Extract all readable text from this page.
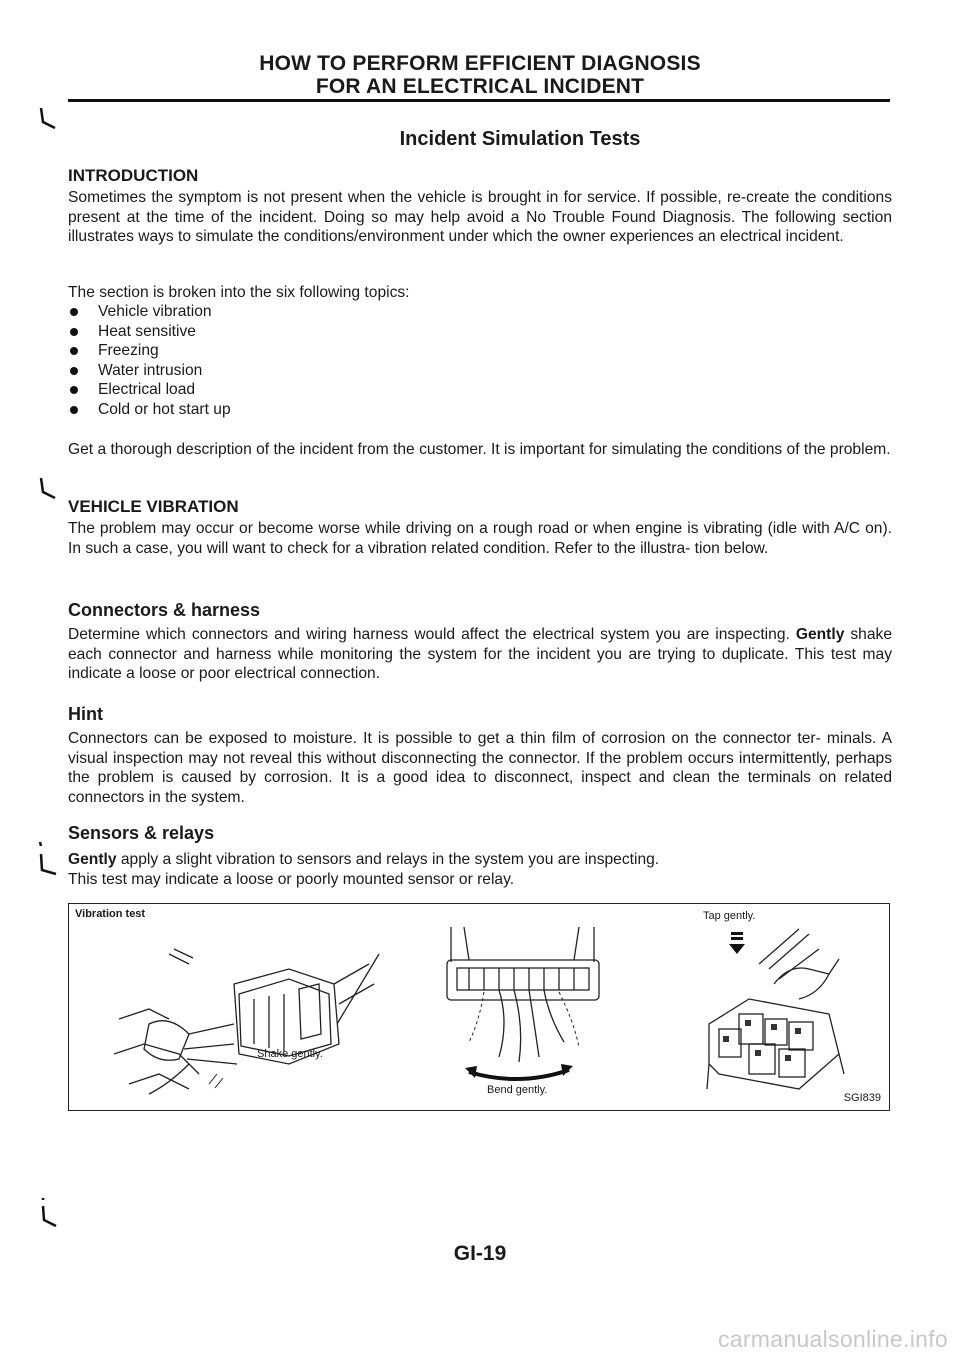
HOW TO PERFORM EFFICIENT DIAGNOSIS
FOR AN ELECTRICAL INCIDENT
Incident Simulation Tests
INTRODUCTION
Sometimes the symptom is not present when the vehicle is brought in for service. If possible, re-create the conditions present at the time of the incident. Doing so may help avoid a No Trouble Found Diagnosis. The following section illustrates ways to simulate the conditions/environment under which the owner experiences an electrical incident.
The section is broken into the six following topics:
Vehicle vibration
Heat sensitive
Freezing
Water intrusion
Electrical load
Cold or hot start up
Get a thorough description of the incident from the customer. It is important for simulating the conditions of the problem.
VEHICLE VIBRATION
The problem may occur or become worse while driving on a rough road or when engine is vibrating (idle with A/C on). In such a case, you will want to check for a vibration related condition. Refer to the illustra- tion below.
Connectors & harness
Determine which connectors and wiring harness would affect the electrical system you are inspecting. Gently shake each connector and harness while monitoring the system for the incident you are trying to duplicate. This test may indicate a loose or poor electrical connection.
Hint
Connectors can be exposed to moisture. It is possible to get a thin film of corrosion on the connector ter- minals. A visual inspection may not reveal this without disconnecting the connector. If the problem occurs intermittently, perhaps the problem is caused by corrosion. It is a good idea to disconnect, inspect and clean the terminals on related connectors in the system.
Sensors & relays
Gently apply a slight vibration to sensors and relays in the system you are inspecting.
This test may indicate a loose or poorly mounted sensor or relay.
Vibration test
Shake gently.
Bend gently.
Tap gently.
SGI839
GI-19
carmanualsonline.info
